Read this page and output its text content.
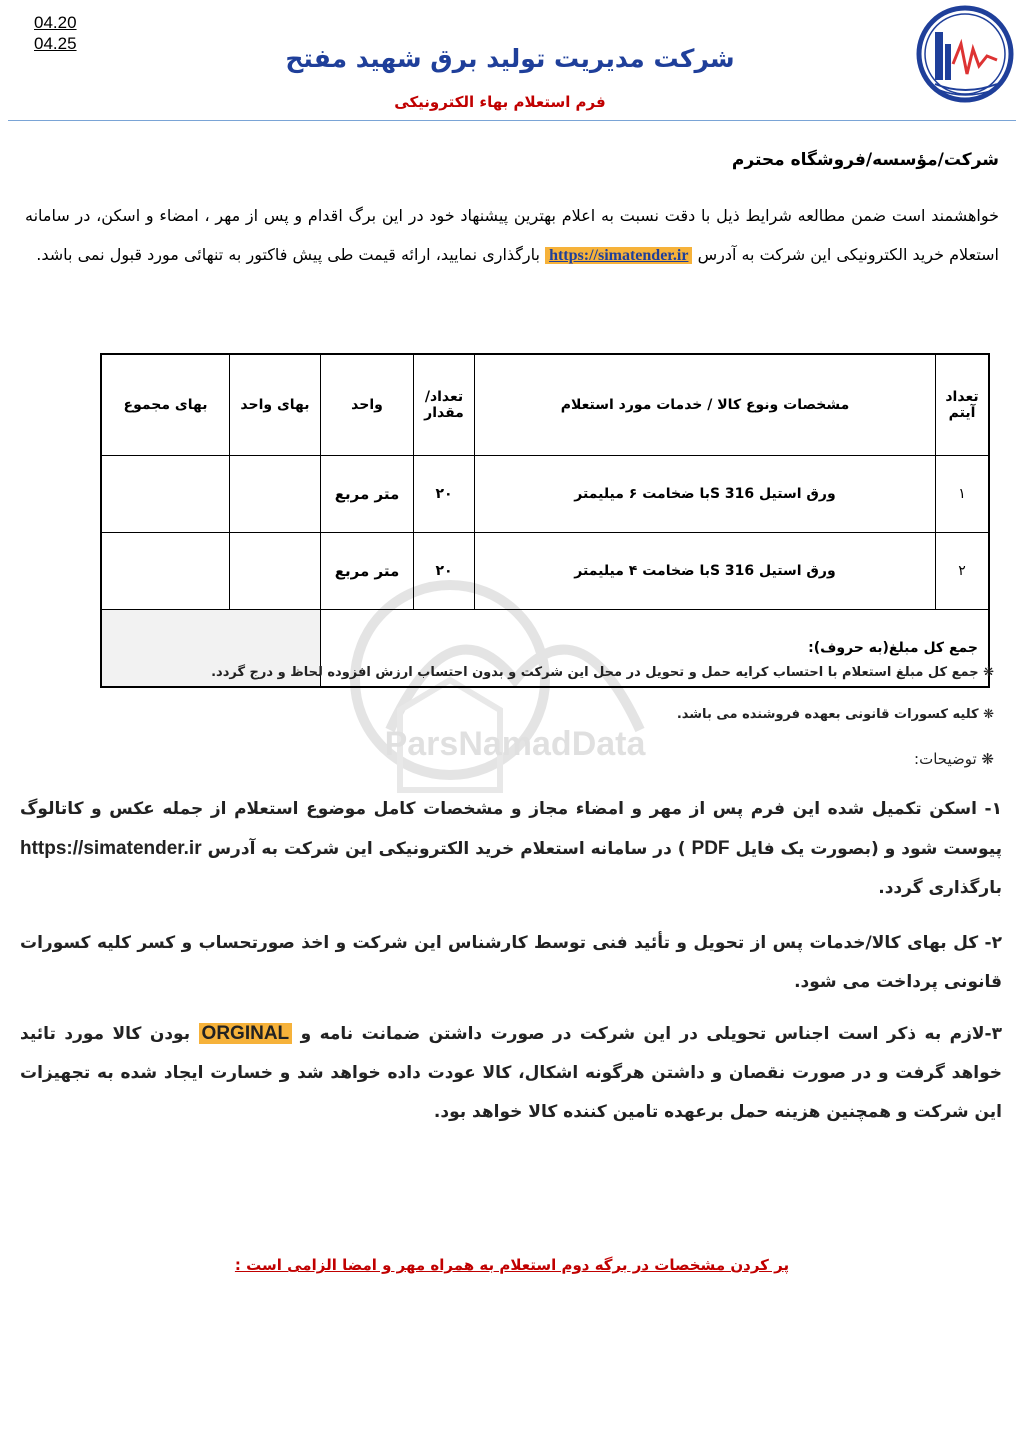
04.20
04.25
شرکت مدیریت تولید برق شهید مفتح
فرم استعلام بهاء الکترونیکی
ParsNamadData
شرکت/مؤسسه/فروشگاه محترم
خواهشمند است ضمن مطالعه شرایط ذیل با دقت نسبت به اعلام بهترین پیشنهاد خود در این برگ اقدام و پس از مهر ، امضاء و اسکن، در سامانه استعلام خرید الکترونیکی این شرکت به آدرس https://simatender.ir بارگذاری نمایید، ارائه قیمت طی پیش فاکتور به تنهائی مورد قبول نمی باشد.
تعداد آیتم	مشخصات ونوع کالا / خدمات مورد استعلام	تعداد/ مقدار	واحد	بهای واحد	بهای مجموع
۱	ورق استیل S 316با ضخامت ۶ میلیمتر	۲۰	متر مربع		
۲	ورق استیل S 316با ضخامت ۴ میلیمتر	۲۰	متر مربع		
جمع کل مبلغ(به حروف):					
❋ جمع کل مبلغ استعلام با احتساب کرایه حمل و تحویل در محل این شرکت و بدون احتساب ارزش افزوده لحاظ و درج گردد.
❋ کلیه کسورات قانونی بعهده فروشنده می باشد.
❋ توضیحات:
۱- اسکن تکمیل شده این فرم پس از مهر و امضاء مجاز و مشخصات کامل موضوع استعلام از جمله عکس و کاتالوگ پیوست شود و (بصورت یک فایل PDF ) در سامانه استعلام خرید الکترونیکی این شرکت به آدرس https://simatender.ir بارگذاری گردد.
۲- کل بهای کالا/خدمات پس از تحویل و تأئید فنی توسط کارشناس این شرکت و اخذ صورتحساب و کسر کلیه کسورات قانونی پرداخت می شود.
۳-لازم به ذکر است اجناس تحویلی در این شرکت در صورت داشتن ضمانت نامه و ORGINAL بودن کالا مورد تائید خواهد گرفت و در صورت نقصان و داشتن هرگونه اشکال، کالا عودت داده خواهد شد و خسارت ایجاد شده به تجهیزات این شرکت و همچنین هزینه حمل برعهده تامین کننده کالا خواهد بود.
پر کردن مشخصات در برگه دوم استعلام به همراه مهر و امضا الزامی است :
